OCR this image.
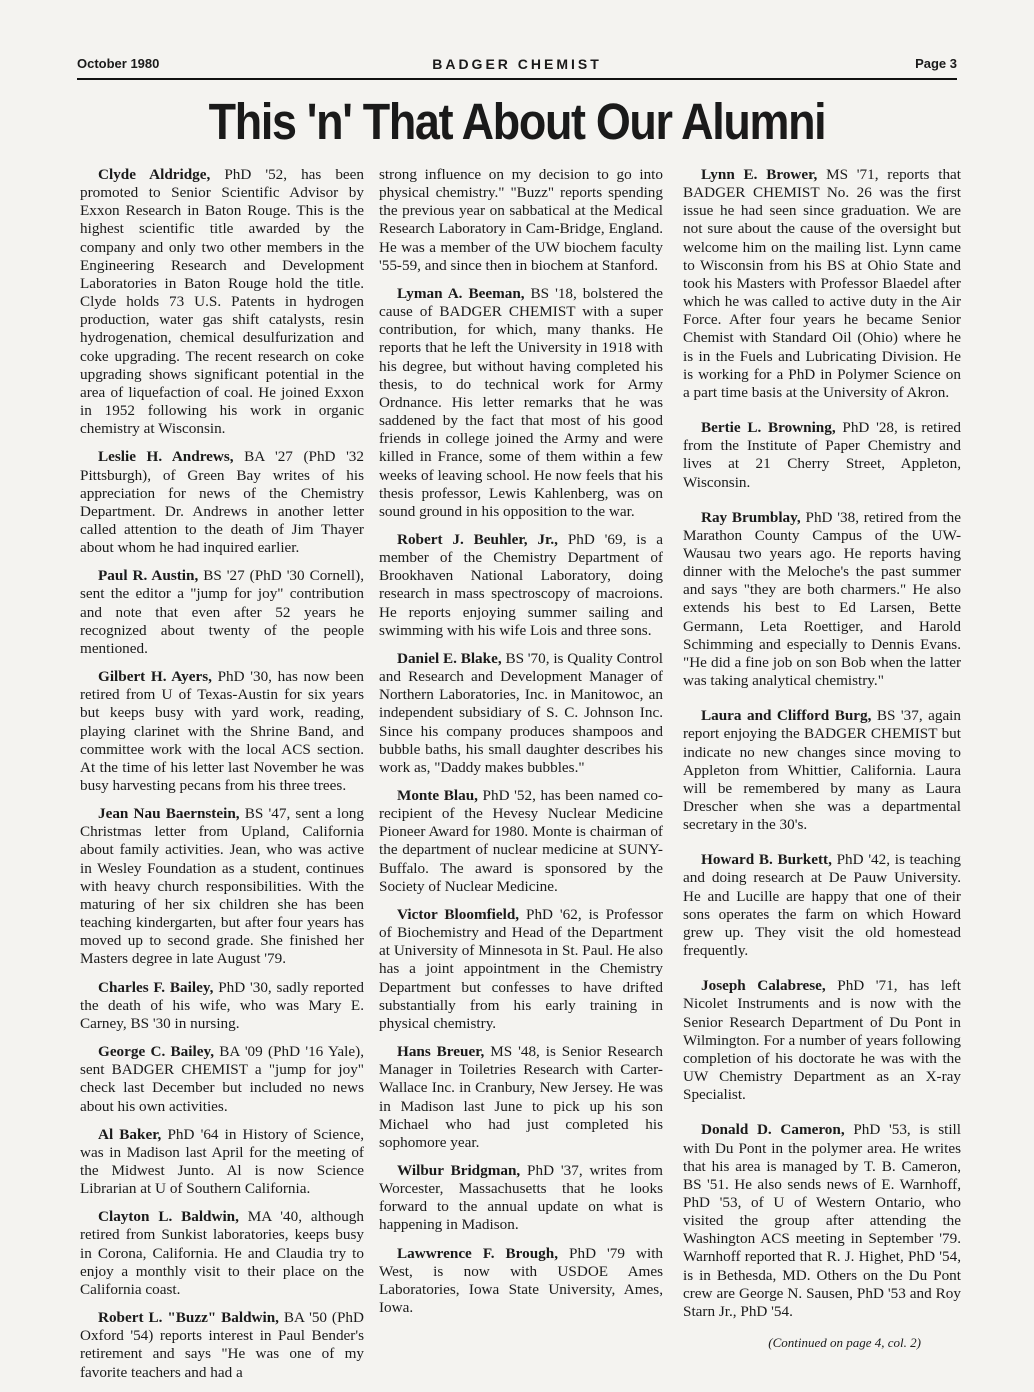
October 1980	BADGER CHEMIST	Page 3
This 'n' That About Our Alumni

Clyde Aldridge, PhD '52, has been promoted to Senior Scientific Advisor by Exxon Research in Baton Rouge. This is the highest scientific title awarded by the company and only two other members in the Engineering Research and Development Laboratories in Baton Rouge hold the title. Clyde holds 73 U.S. Patents in hydrogen production, water gas shift catalysts, resin hydrogenation, chemical desulfurization and coke upgrading. The recent research on coke upgrading shows significant potential in the area of liquefaction of coal. He joined Exxon in 1952 following his work in organic chemistry at Wisconsin.

Leslie H. Andrews, BA '27 (PhD '32 Pittsburgh), of Green Bay writes of his appreciation for news of the Chemistry Department. Dr. Andrews in another letter called attention to the death of Jim Thayer about whom he had inquired earlier.

Paul R. Austin, BS '27 (PhD '30 Cornell), sent the editor a "jump for joy" contribution and note that even after 52 years he recognized about twenty of the people mentioned.

Gilbert H. Ayers, PhD '30, has now been retired from U of Texas-Austin for six years but keeps busy with yard work, reading, playing clarinet with the Shrine Band, and committee work with the local ACS section. At the time of his letter last November he was busy harvesting pecans from his three trees.

Jean Nau Baernstein, BS '47, sent a long Christmas letter from Upland, California about family activities. Jean, who was active in Wesley Foundation as a student, continues with heavy church responsibilities. With the maturing of her six children she has been teaching kindergarten, but after four years has moved up to second grade. She finished her Masters degree in late August '79.

Charles F. Bailey, PhD '30, sadly reported the death of his wife, who was Mary E. Carney, BS '30 in nursing.

George C. Bailey, BA '09 (PhD '16 Yale), sent BADGER CHEMIST a "jump for joy" check last December but included no news about his own activities.

Al Baker, PhD '64 in History of Science, was in Madison last April for the meeting of the Midwest Junto. Al is now Science Librarian at U of Southern California.

Clayton L. Baldwin, MA '40, although retired from Sunkist laboratories, keeps busy in Corona, California. He and Claudia try to enjoy a monthly visit to their place on the California coast.

Robert L. "Buzz" Baldwin, BA '50 (PhD Oxford '54) reports interest in Paul Bender's retirement and says "He was one of my favorite teachers and had a

strong influence on my decision to go into physical chemistry." "Buzz" reports spending the previous year on sabbatical at the Medical Research Laboratory in Cam-Bridge, England. He was a member of the UW biochem faculty '55-59, and since then in biochem at Stanford.

Lyman A. Beeman, BS '18, bolstered the cause of BADGER CHEMIST with a super contribution, for which, many thanks. He reports that he left the University in 1918 with his degree, but without having completed his thesis, to do technical work for Army Ordnance. His letter remarks that he was saddened by the fact that most of his good friends in college joined the Army and were killed in France, some of them within a few weeks of leaving school. He now feels that his thesis professor, Lewis Kahlenberg, was on sound ground in his opposition to the war.

Robert J. Beuhler, Jr., PhD '69, is a member of the Chemistry Department of Brookhaven National Laboratory, doing research in mass spectroscopy of macroions. He reports enjoying summer sailing and swimming with his wife Lois and three sons.

Daniel E. Blake, BS '70, is Quality Control and Research and Development Manager of Northern Laboratories, Inc. in Manitowoc, an independent subsidiary of S. C. Johnson Inc. Since his company produces shampoos and bubble baths, his small daughter describes his work as, "Daddy makes bubbles."

Monte Blau, PhD '52, has been named co-recipient of the Hevesy Nuclear Medicine Pioneer Award for 1980. Monte is chairman of the department of nuclear medicine at SUNY-Buffalo. The award is sponsored by the Society of Nuclear Medicine.

Victor Bloomfield, PhD '62, is Professor of Biochemistry and Head of the Department at University of Minnesota in St. Paul. He also has a joint appointment in the Chemistry Department but confesses to have drifted substantially from his early training in physical chemistry.

Hans Breuer, MS '48, is Senior Research Manager in Toiletries Research with Carter-Wallace Inc. in Cranbury, New Jersey. He was in Madison last June to pick up his son Michael who had just completed his sophomore year.

Wilbur Bridgman, PhD '37, writes from Worcester, Massachusetts that he looks forward to the annual update on what is happening in Madison.

Lawwrence F. Brough, PhD '79 with West, is now with USDOE Ames Laboratories, Iowa State University, Ames, Iowa.

Lynn E. Brower, MS '71, reports that BADGER CHEMIST No. 26 was the first issue he had seen since graduation. We are not sure about the cause of the oversight but welcome him on the mailing list. Lynn came to Wisconsin from his BS at Ohio State and took his Masters with Professor Blaedel after which he was called to active duty in the Air Force. After four years he became Senior Chemist with Standard Oil (Ohio) where he is in the Fuels and Lubricating Division. He is working for a PhD in Polymer Science on a part time basis at the University of Akron.

Bertie L. Browning, PhD '28, is retired from the Institute of Paper Chemistry and lives at 21 Cherry Street, Appleton, Wisconsin.

Ray Brumblay, PhD '38, retired from the Marathon County Campus of the UW-Wausau two years ago. He reports having dinner with the Meloche's the past summer and says "they are both charmers." He also extends his best to Ed Larsen, Bette Germann, Leta Roettiger, and Harold Schimming and especially to Dennis Evans. "He did a fine job on son Bob when the latter was taking analytical chemistry."

Laura and Clifford Burg, BS '37, again report enjoying the BADGER CHEMIST but indicate no new changes since moving to Appleton from Whittier, California. Laura will be remembered by many as Laura Drescher when she was a departmental secretary in the 30's.

Howard B. Burkett, PhD '42, is teaching and doing research at De Pauw University. He and Lucille are happy that one of their sons operates the farm on which Howard grew up. They visit the old homestead frequently.

Joseph Calabrese, PhD '71, has left Nicolet Instruments and is now with the Senior Research Department of Du Pont in Wilmington. For a number of years following completion of his doctorate he was with the UW Chemistry Department as an X-ray Specialist.

Donald D. Cameron, PhD '53, is still with Du Pont in the polymer area. He writes that his area is managed by T. B. Cameron, BS '51. He also sends news of E. Warnhoff, PhD '53, of U of Western Ontario, who visited the group after attending the Washington ACS meeting in September '79. Warnhoff reported that R. J. Highet, PhD '54, is in Bethesda, MD. Others on the Du Pont crew are George N. Sausen, PhD '53 and Roy Starn Jr., PhD '54.

(Continued on page 4, col. 2)
